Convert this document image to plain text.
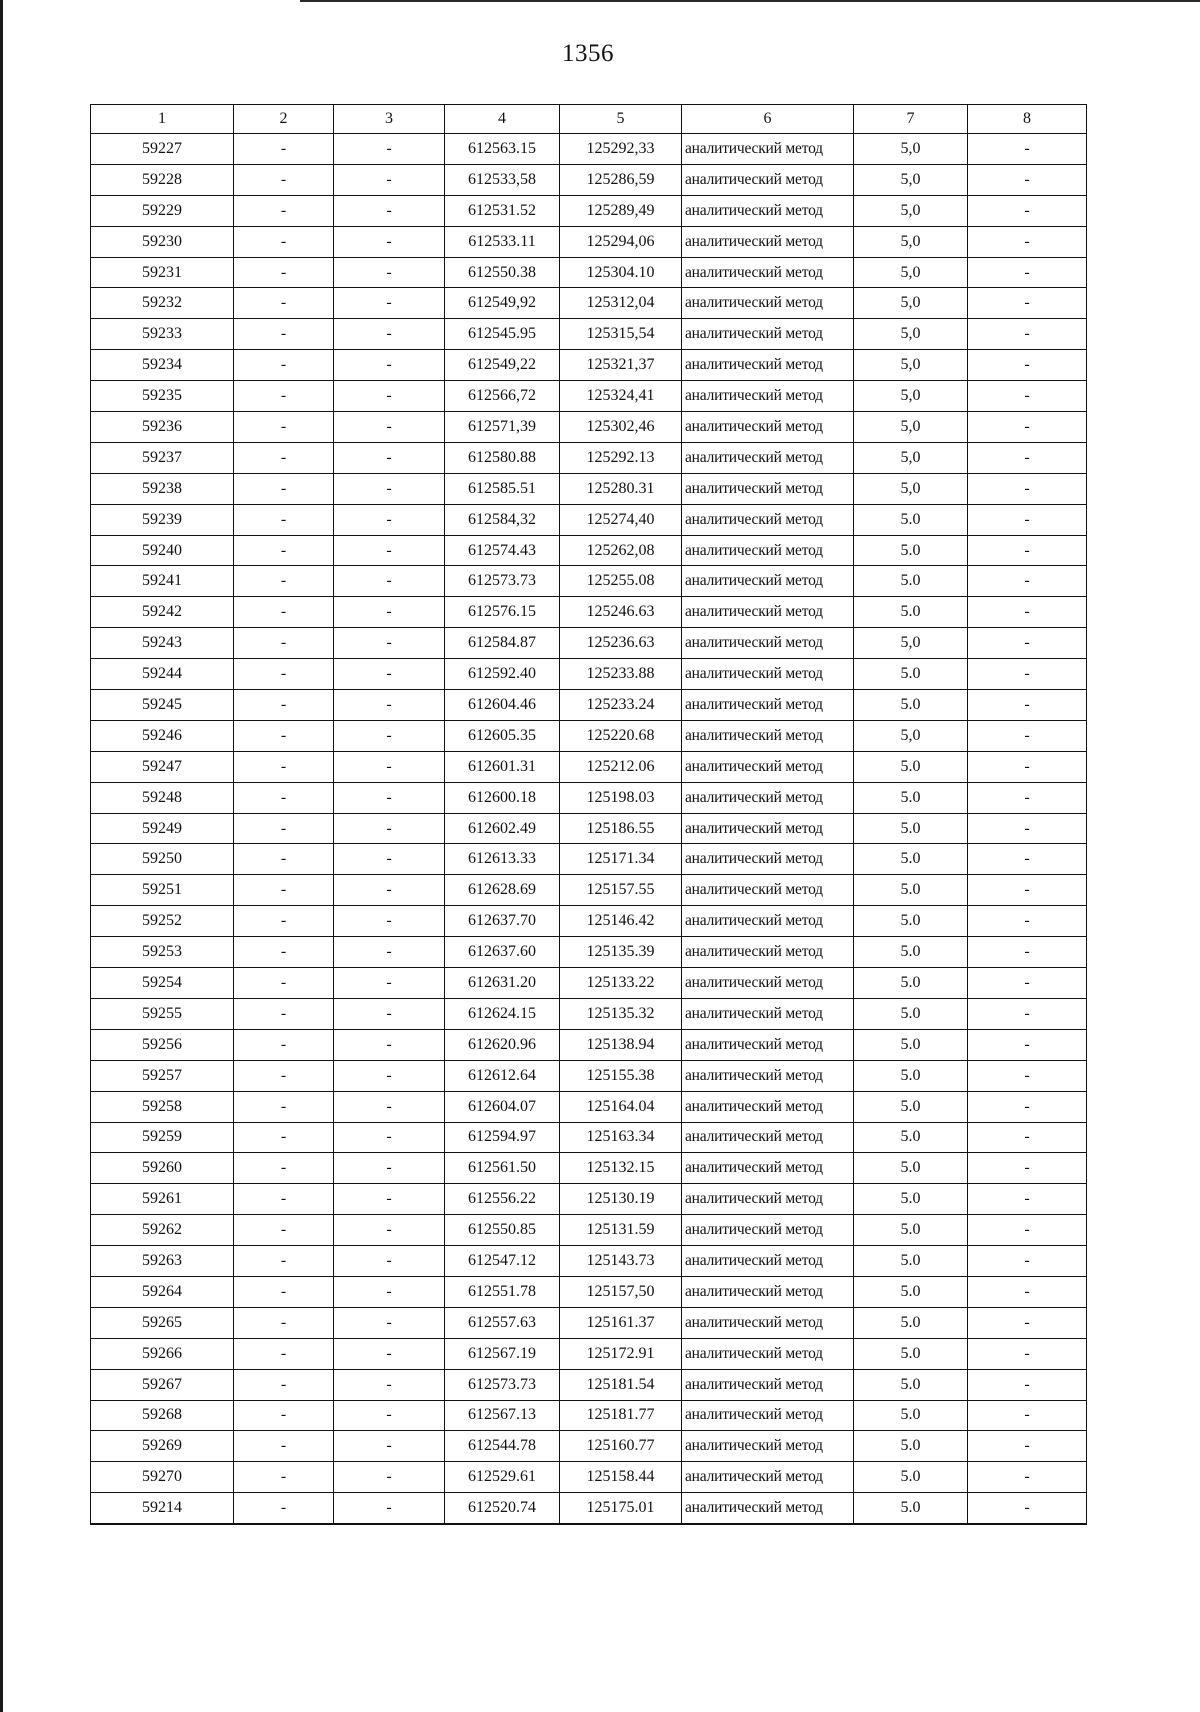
1356
1	2	3	4	5	6	7	8
59227	-	-	612563.15	125292,33	аналитический метод	5,0	-
59228	-	-	612533,58	125286,59	аналитический метод	5,0	-
59229	-	-	612531.52	125289,49	аналитический метод	5,0	-
59230	-	-	612533.11	125294,06	аналитический метод	5,0	-
59231	-	-	612550.38	125304.10	аналитический метод	5,0	-
59232	-	-	612549,92	125312,04	аналитический метод	5,0	-
59233	-	-	612545.95	125315,54	аналитический метод	5,0	-
59234	-	-	612549,22	125321,37	аналитический метод	5,0	-
59235	-	-	612566,72	125324,41	аналитический метод	5,0	-
59236	-	-	612571,39	125302,46	аналитический метод	5,0	-
59237	-	-	612580.88	125292.13	аналитический метод	5,0	-
59238	-	-	612585.51	125280.31	аналитический метод	5,0	-
59239	-	-	612584,32	125274,40	аналитический метод	5.0	-
59240	-	-	612574.43	125262,08	аналитический метод	5.0	-
59241	-	-	612573.73	125255.08	аналитический метод	5.0	-
59242	-	-	612576.15	125246.63	аналитический метод	5.0	-
59243	-	-	612584.87	125236.63	аналитический метод	5,0	-
59244	-	-	612592.40	125233.88	аналитический метод	5.0	-
59245	-	-	612604.46	125233.24	аналитический метод	5.0	-
59246	-	-	612605.35	125220.68	аналитический метод	5,0	-
59247	-	-	612601.31	125212.06	аналитический метод	5.0	-
59248	-	-	612600.18	125198.03	аналитический метод	5.0	-
59249	-	-	612602.49	125186.55	аналитический метод	5.0	-
59250	-	-	612613.33	125171.34	аналитический метод	5.0	-
59251	-	-	612628.69	125157.55	аналитический метод	5.0	-
59252	-	-	612637.70	125146.42	аналитический метод	5.0	-
59253	-	-	612637.60	125135.39	аналитический метод	5.0	-
59254	-	-	612631.20	125133.22	аналитический метод	5.0	-
59255	-	-	612624.15	125135.32	аналитический метод	5.0	-
59256	-	-	612620.96	125138.94	аналитический метод	5.0	-
59257	-	-	612612.64	125155.38	аналитический метод	5.0	-
59258	-	-	612604.07	125164.04	аналитический метод	5.0	-
59259	-	-	612594.97	125163.34	аналитический метод	5.0	-
59260	-	-	612561.50	125132.15	аналитический метод	5.0	-
59261	-	-	612556.22	125130.19	аналитический метод	5.0	-
59262	-	-	612550.85	125131.59	аналитический метод	5.0	-
59263	-	-	612547.12	125143.73	аналитический метод	5.0	-
59264	-	-	612551.78	125157,50	аналитический метод	5.0	-
59265	-	-	612557.63	125161.37	аналитический метод	5.0	-
59266	-	-	612567.19	125172.91	аналитический метод	5.0	-
59267	-	-	612573.73	125181.54	аналитический метод	5.0	-
59268	-	-	612567.13	125181.77	аналитический метод	5.0	-
59269	-	-	612544.78	125160.77	аналитический метод	5.0	-
59270	-	-	612529.61	125158.44	аналитический метод	5.0	-
59214	-	-	612520.74	125175.01	аналитический метод	5.0	-
